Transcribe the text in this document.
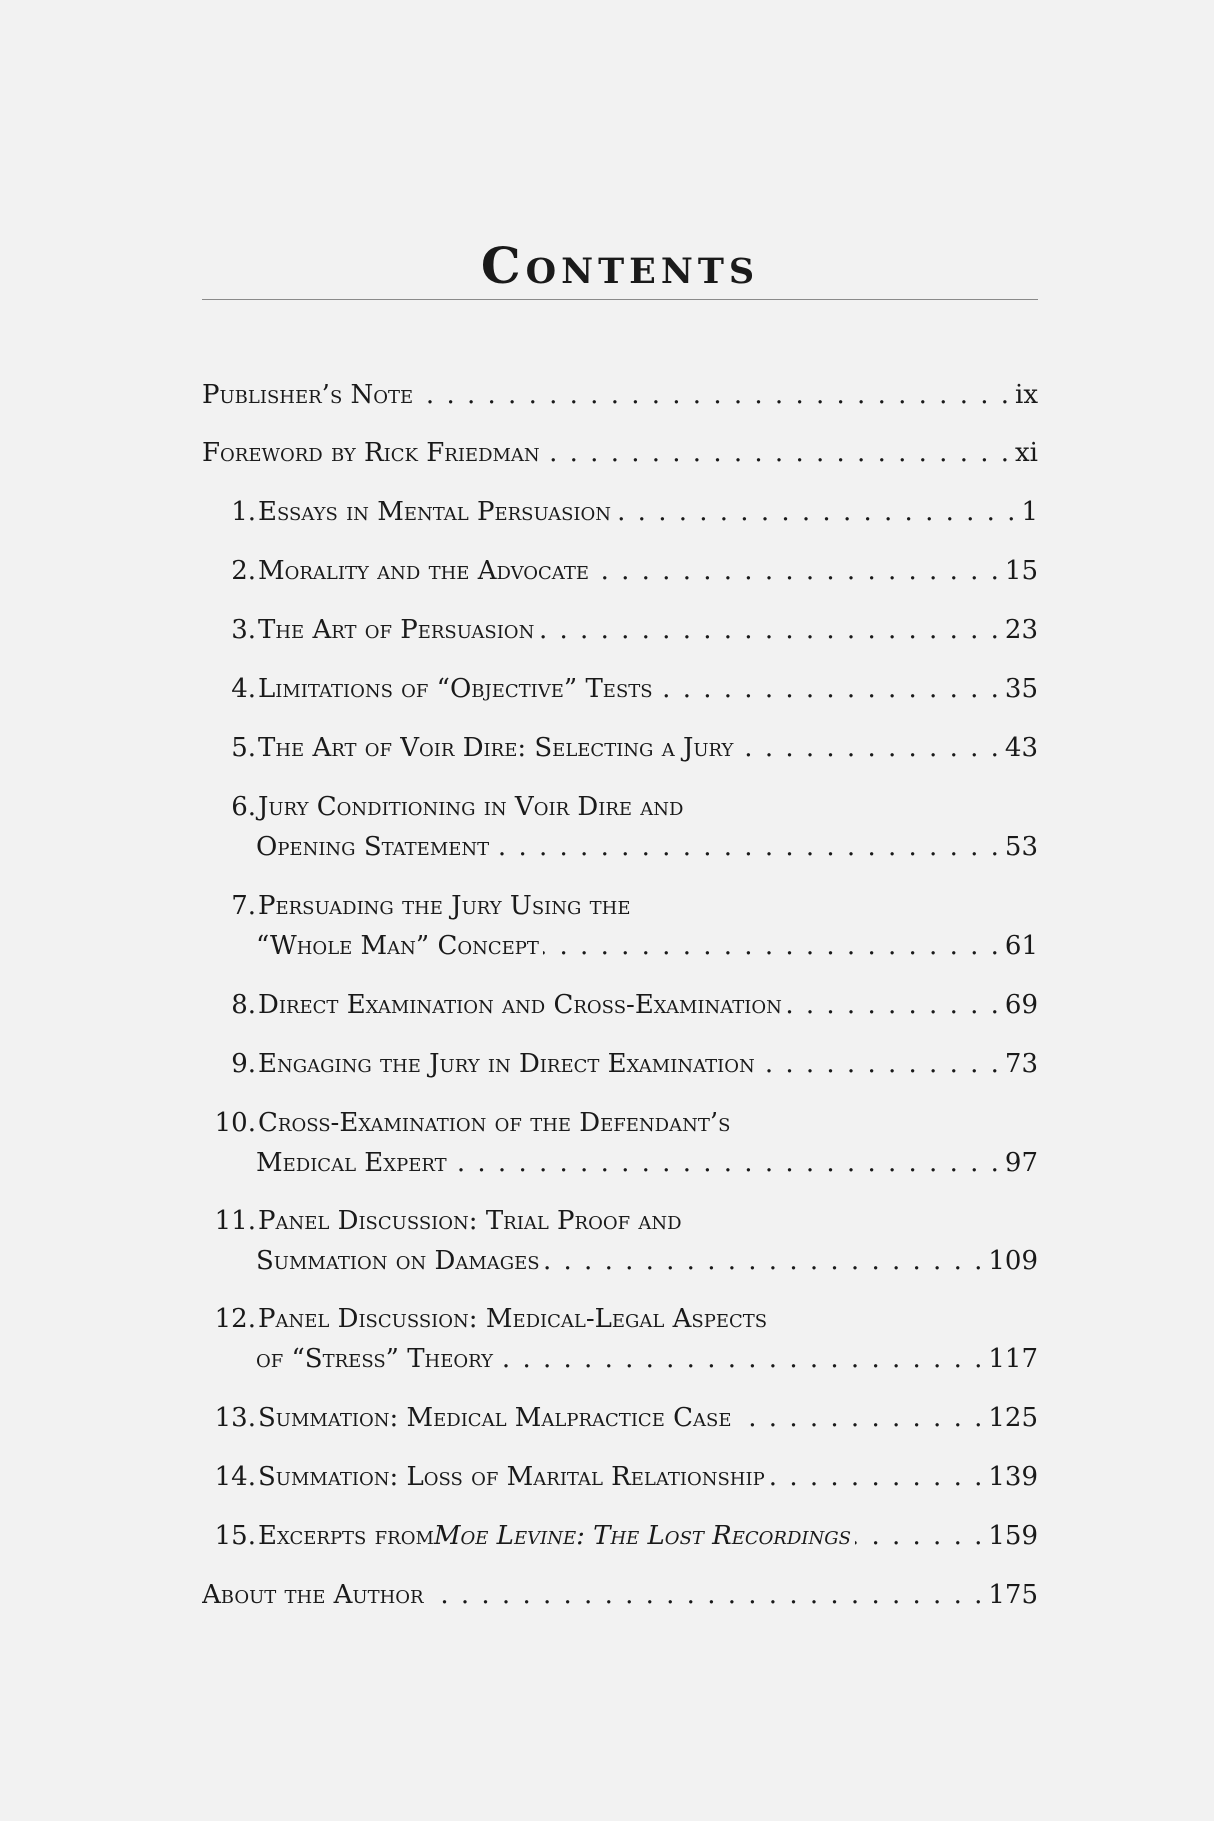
Contents
Publisher’s Note . . .	ix
Foreword by Rick Friedman . . .	xi
1. Essays in Mental Persuasion . . .	1
2. Morality and the Advocate . . .	15
3. The Art of Persuasion . . .	23
4. Limitations of “Objective” Tests . . .	35
5. The Art of Voir Dire: Selecting a Jury . . .	43
6. Jury Conditioning in Voir Dire and
Opening Statement . . .	53
7. Persuading the Jury Using the
“Whole Man” Concept . . .	61
8. Direct Examination and Cross-Examination . . .	69
9. Engaging the Jury in Direct Examination . . .	73
10. Cross-Examination of the Defendant’s
Medical Expert . . .	97
11. Panel Discussion: Trial Proof and
Summation on Damages . . .	109
12. Panel Discussion: Medical-Legal Aspects
of “Stress” Theory . . .	117
13. Summation: Medical Malpractice Case . . .	125
14. Summation: Loss of Marital Relationship . . .	139
15. Excerpts from Moe Levine: The Lost Recordings . . .	159
About the Author . . .	175
